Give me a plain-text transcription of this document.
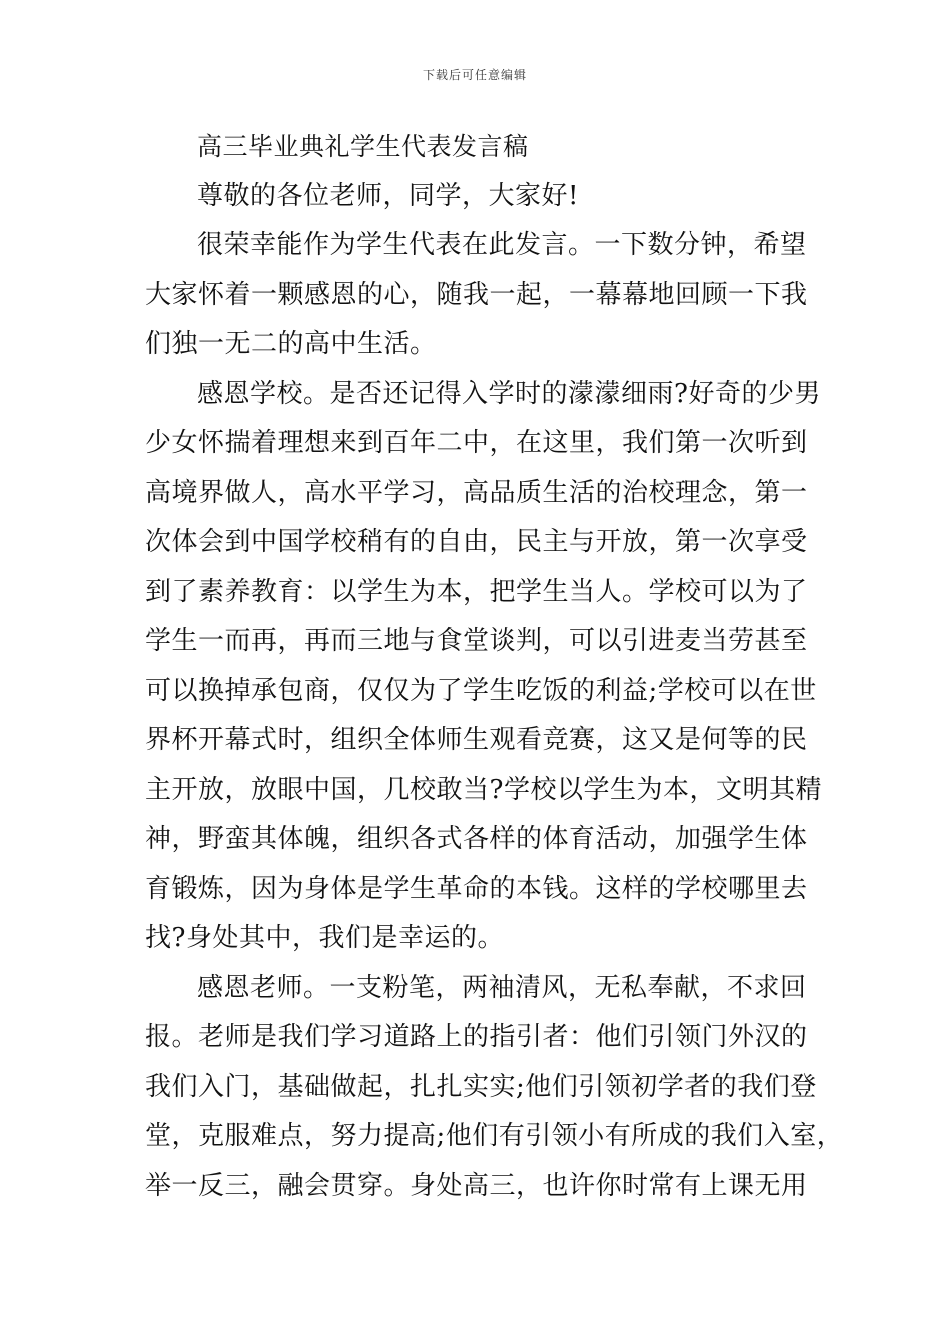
下载后可任意编辑
高三毕业典礼学生代表发言稿
尊敬的各位老师，同学，大家好!
很荣幸能作为学生代表在此发言。一下数分钟，希望
大家怀着一颗感恩的心，随我一起，一幕幕地回顾一下我
们独一无二的高中生活。
感恩学校。是否还记得入学时的濛濛细雨?好奇的少男
少女怀揣着理想来到百年二中，在这里，我们第一次听到
高境界做人，高水平学习，高品质生活的治校理念，第一
次体会到中国学校稍有的自由，民主与开放，第一次享受
到了素养教育：以学生为本，把学生当人。学校可以为了
学生一而再，再而三地与食堂谈判，可以引进麦当劳甚至
可以换掉承包商，仅仅为了学生吃饭的利益;学校可以在世
界杯开幕式时，组织全体师生观看竞赛，这又是何等的民
主开放，放眼中国，几校敢当?学校以学生为本，文明其精
神，野蛮其体魄，组织各式各样的体育活动，加强学生体
育锻炼，因为身体是学生革命的本钱。这样的学校哪里去
找?身处其中，我们是幸运的。
感恩老师。一支粉笔，两袖清风，无私奉献，不求回
报。老师是我们学习道路上的指引者：他们引领门外汉的
我们入门，基础做起，扎扎实实;他们引领初学者的我们登
堂，克服难点，努力提高;他们有引领小有所成的我们入室，
举一反三，融会贯穿。身处高三，也许你时常有上课无用
